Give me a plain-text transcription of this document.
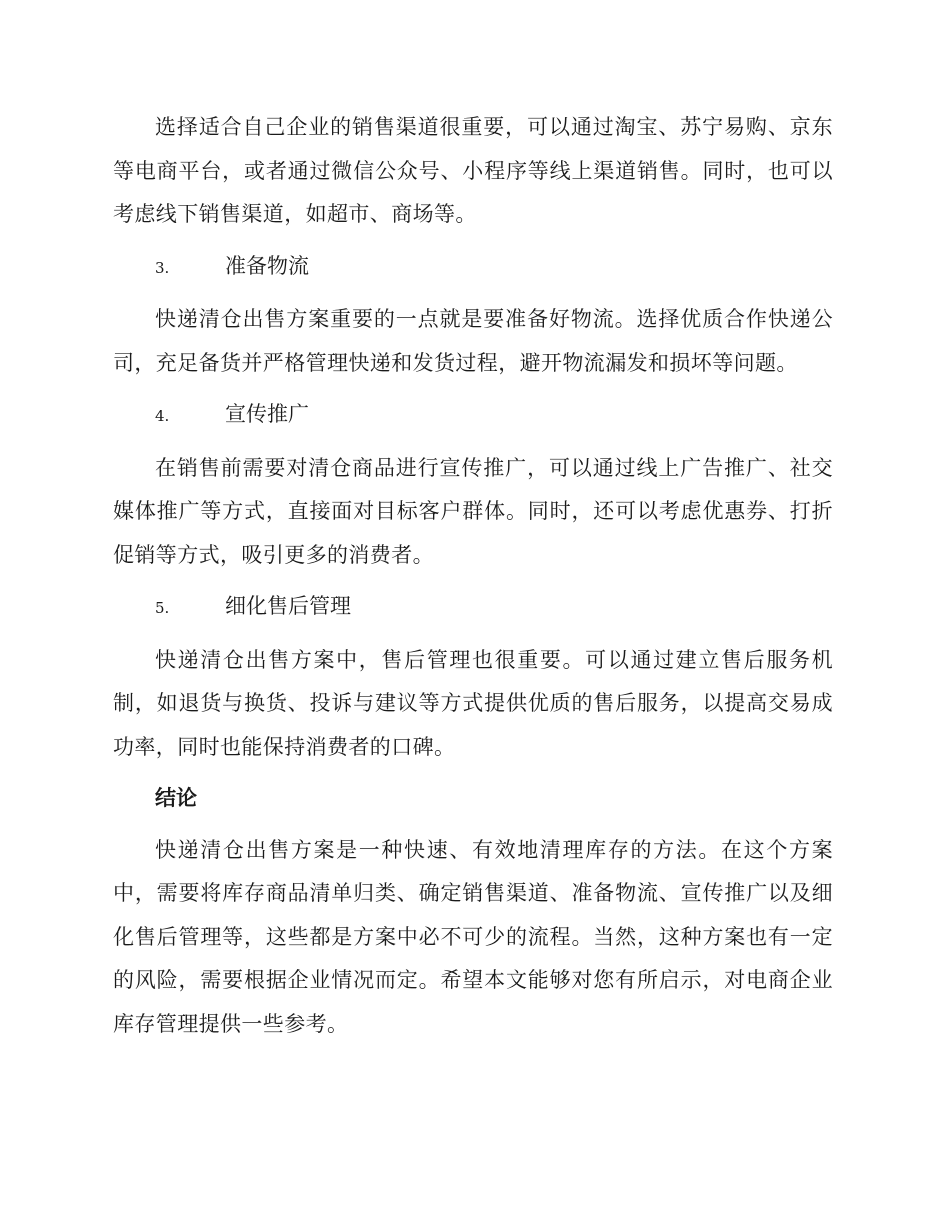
选择适合自己企业的销售渠道很重要，可以通过淘宝、苏宁易购、京东等电商平台，或者通过微信公众号、小程序等线上渠道销售。同时，也可以考虑线下销售渠道，如超市、商场等。

3.	准备物流

快递清仓出售方案重要的一点就是要准备好物流。选择优质合作快递公司，充足备货并严格管理快递和发货过程，避开物流漏发和损坏等问题。

4.	宣传推广

在销售前需要对清仓商品进行宣传推广，可以通过线上广告推广、社交媒体推广等方式，直接面对目标客户群体。同时，还可以考虑优惠券、打折促销等方式，吸引更多的消费者。

5.	细化售后管理

快递清仓出售方案中，售后管理也很重要。可以通过建立售后服务机制，如退货与换货、投诉与建议等方式提供优质的售后服务，以提高交易成功率，同时也能保持消费者的口碑。

结论

快递清仓出售方案是一种快速、有效地清理库存的方法。在这个方案中，需要将库存商品清单归类、确定销售渠道、准备物流、宣传推广以及细化售后管理等，这些都是方案中必不可少的流程。当然，这种方案也有一定的风险，需要根据企业情况而定。希望本文能够对您有所启示，对电商企业库存管理提供一些参考。
